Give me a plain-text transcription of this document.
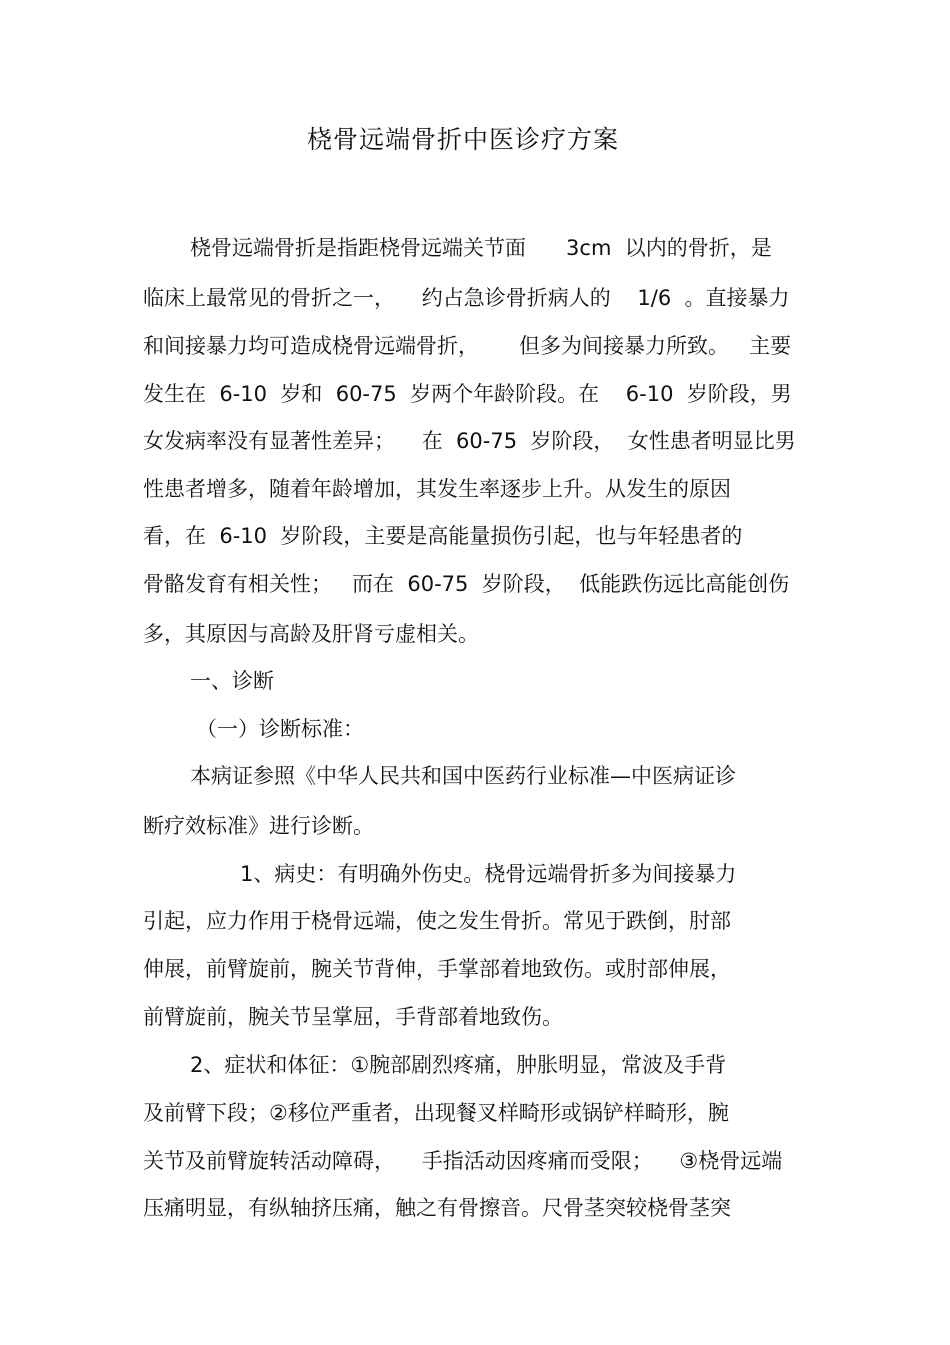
桡骨远端骨折中医诊疗方案
桡骨远端骨折是指距桡骨远端关节面      3cm  以内的骨折，是
临床上最常见的骨折之一，    约占急诊骨折病人的    1/6  。直接暴力
和间接暴力均可造成桡骨远端骨折，      但多为间接暴力所致。   主要
发生在  6-10  岁和  60-75  岁两个年龄阶段。在    6-10  岁阶段，男
女发病率没有显著性差异；    在  60-75  岁阶段，  女性患者明显比男
性患者增多，随着年龄增加，其发生率逐步上升。从发生的原因
看，在  6-10  岁阶段，主要是高能量损伤引起，也与年轻患者的
骨骼发育有相关性；   而在  60-75  岁阶段，  低能跌伤远比高能创伤
多，其原因与高龄及肝肾亏虚相关。
一、诊断
（一）诊断标准：
本病证参照《中华人民共和国中医药行业标准—中医病证诊
断疗效标准》进行诊断。
1、病史：有明确外伤史。桡骨远端骨折多为间接暴力
引起，应力作用于桡骨远端，使之发生骨折。常见于跌倒，肘部
伸展，前臂旋前，腕关节背伸，手掌部着地致伤。或肘部伸展，
前臂旋前，腕关节呈掌屈，手背部着地致伤。
2、症状和体征：①腕部剧烈疼痛，肿胀明显，常波及手背
及前臂下段；②移位严重者，出现餐叉样畸形或锅铲样畸形，腕
关节及前臂旋转活动障碍，    手指活动因疼痛而受限；    ③桡骨远端
压痛明显，有纵轴挤压痛，触之有骨擦音。尺骨茎突较桡骨茎突
